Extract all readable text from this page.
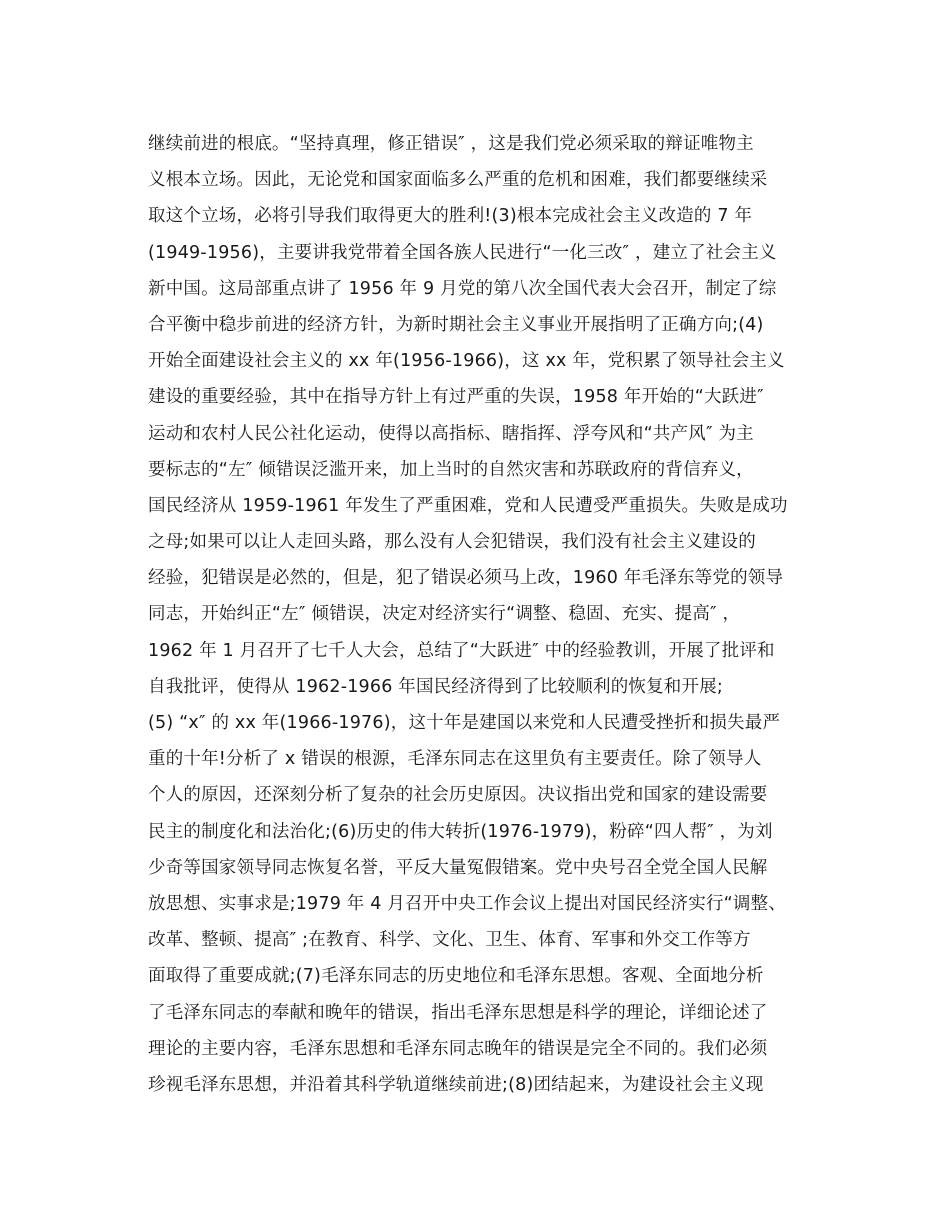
继续前进的根底。“坚持真理，修正错误″ ，这是我们党必须采取的辩证唯物主
义根本立场。因此，无论党和国家面临多么严重的危机和困难，我们都要继续采
取这个立场，必将引导我们取得更大的胜利!(3)根本完成社会主义改造的 7 年
(1949-1956)，主要讲我党带着全国各族人民进行“一化三改″ ，建立了社会主义
新中国。这局部重点讲了 1956 年 9 月党的第八次全国代表大会召开，制定了综
合平衡中稳步前进的经济方针，为新时期社会主义事业开展指明了正确方向;(4)
开始全面建设社会主义的 xx 年(1956-1966)，这 xx 年，党积累了领导社会主义
建设的重要经验，其中在指导方针上有过严重的失误，1958 年开始的“大跃进″
运动和农村人民公社化运动，使得以高指标、瞎指挥、浮夸风和“共产风″ 为主
要标志的“左″ 倾错误泛滥开来，加上当时的自然灾害和苏联政府的背信弃义，
国民经济从 1959-1961 年发生了严重困难，党和人民遭受严重损失。失败是成功
之母;如果可以让人走回头路，那么没有人会犯错误，我们没有社会主义建设的
经验，犯错误是必然的，但是，犯了错误必须马上改，1960 年毛泽东等党的领导
同志，开始纠正“左″ 倾错误，决定对经济实行“调整、稳固、充实、提高″ ，
1962 年 1 月召开了七千人大会，总结了“大跃进″ 中的经验教训，开展了批评和
自我批评，使得从 1962-1966 年国民经济得到了比较顺利的恢复和开展;
(5) “x″ 的 xx 年(1966-1976)，这十年是建国以来党和人民遭受挫折和损失最严
重的十年!分析了 x 错误的根源，毛泽东同志在这里负有主要责任。除了领导人
个人的原因，还深刻分析了复杂的社会历史原因。决议指出党和国家的建设需要
民主的制度化和法治化;(6)历史的伟大转折(1976-1979)，粉碎“四人帮″ ，为刘
少奇等国家领导同志恢复名誉，平反大量冤假错案。党中央号召全党全国人民解
放思想、实事求是;1979 年 4 月召开中央工作会议上提出对国民经济实行“调整、
改革、整顿、提高″ ;在教育、科学、文化、卫生、体育、军事和外交工作等方
面取得了重要成就;(7)毛泽东同志的历史地位和毛泽东思想。客观、全面地分析
了毛泽东同志的奉献和晚年的错误，指出毛泽东思想是科学的理论，详细论述了
理论的主要内容，毛泽东思想和毛泽东同志晚年的错误是完全不同的。我们必须
珍视毛泽东思想，并沿着其科学轨道继续前进;(8)团结起来，为建设社会主义现
